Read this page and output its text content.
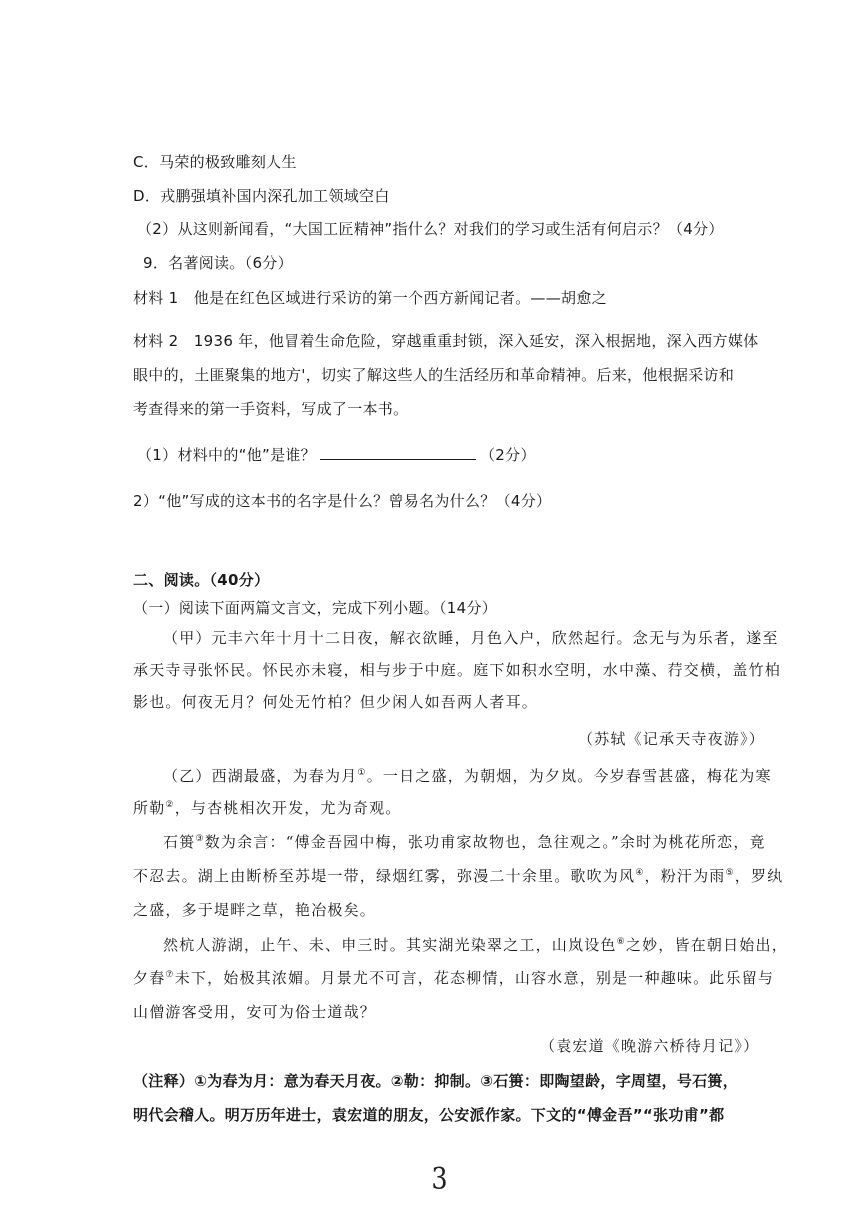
C．马荣的极致雕刻人生
D．戎鹏强填补国内深孔加工领域空白
（2）从这则新闻看，“大国工匠精神”指什么？对我们的学习或生活有何启示？（4分）
9．名著阅读。（6分）
材料 1　他是在红色区域进行采访的第一个西方新闻记者。——胡愈之
材料 2　1936 年，他冒着生命危险，穿越重重封锁，深入延安，深入根据地，深入西方媒体
眼中的，土匪聚集的地方'，切实了解这些人的生活经历和革命精神。后来，他根据采访和
考查得来的第一手资料，写成了一本书。
（1）材料中的“他”是谁？	（2分）
2）“他”写成的这本书的名字是什么？曾易名为什么？（4分）
二、阅读。（40分）
（一）阅读下面两篇文言文，完成下列小题。（14分）
（甲）元丰六年十月十二日夜，解衣欲睡，月色入户，欣然起行。念无与为乐者，遂至
承天寺寻张怀民。怀民亦未寝，相与步于中庭。庭下如积水空明，水中藻、荇交横，盖竹柏
影也。何夜无月？何处无竹柏？但少闲人如吾两人者耳。
（苏轼《记承天寺夜游》）
（乙）西湖最盛，为春为月①。一日之盛，为朝烟，为夕岚。今岁春雪甚盛，梅花为寒
所勒②，与杏桃相次开发，尤为奇观。
石篑③数为余言：“傅金吾园中梅，张功甫家故物也，急往观之。”余时为桃花所恋，竟
不忍去。湖上由断桥至苏堤一带，绿烟红雾，弥漫二十余里。歌吹为风④，粉汗为雨⑤，罗纨
之盛，多于堤畔之草，艳冶极矣。
然杭人游湖，止午、未、申三时。其实湖光染翠之工，山岚设色⑥之妙，皆在朝日始出，
夕舂⑦未下，始极其浓媚。月景尤不可言，花态柳情，山容水意，别是一种趣味。此乐留与
山僧游客受用，安可为俗士道哉？
（袁宏道《晚游六桥待月记》）
（注释）①为春为月：意为春天月夜。②勒：抑制。③石篑：即陶望龄，字周望，号石篑，
明代会稽人。明万历年进士，袁宏道的朋友，公安派作家。下文的“傅金吾”“张功甫”都
3
